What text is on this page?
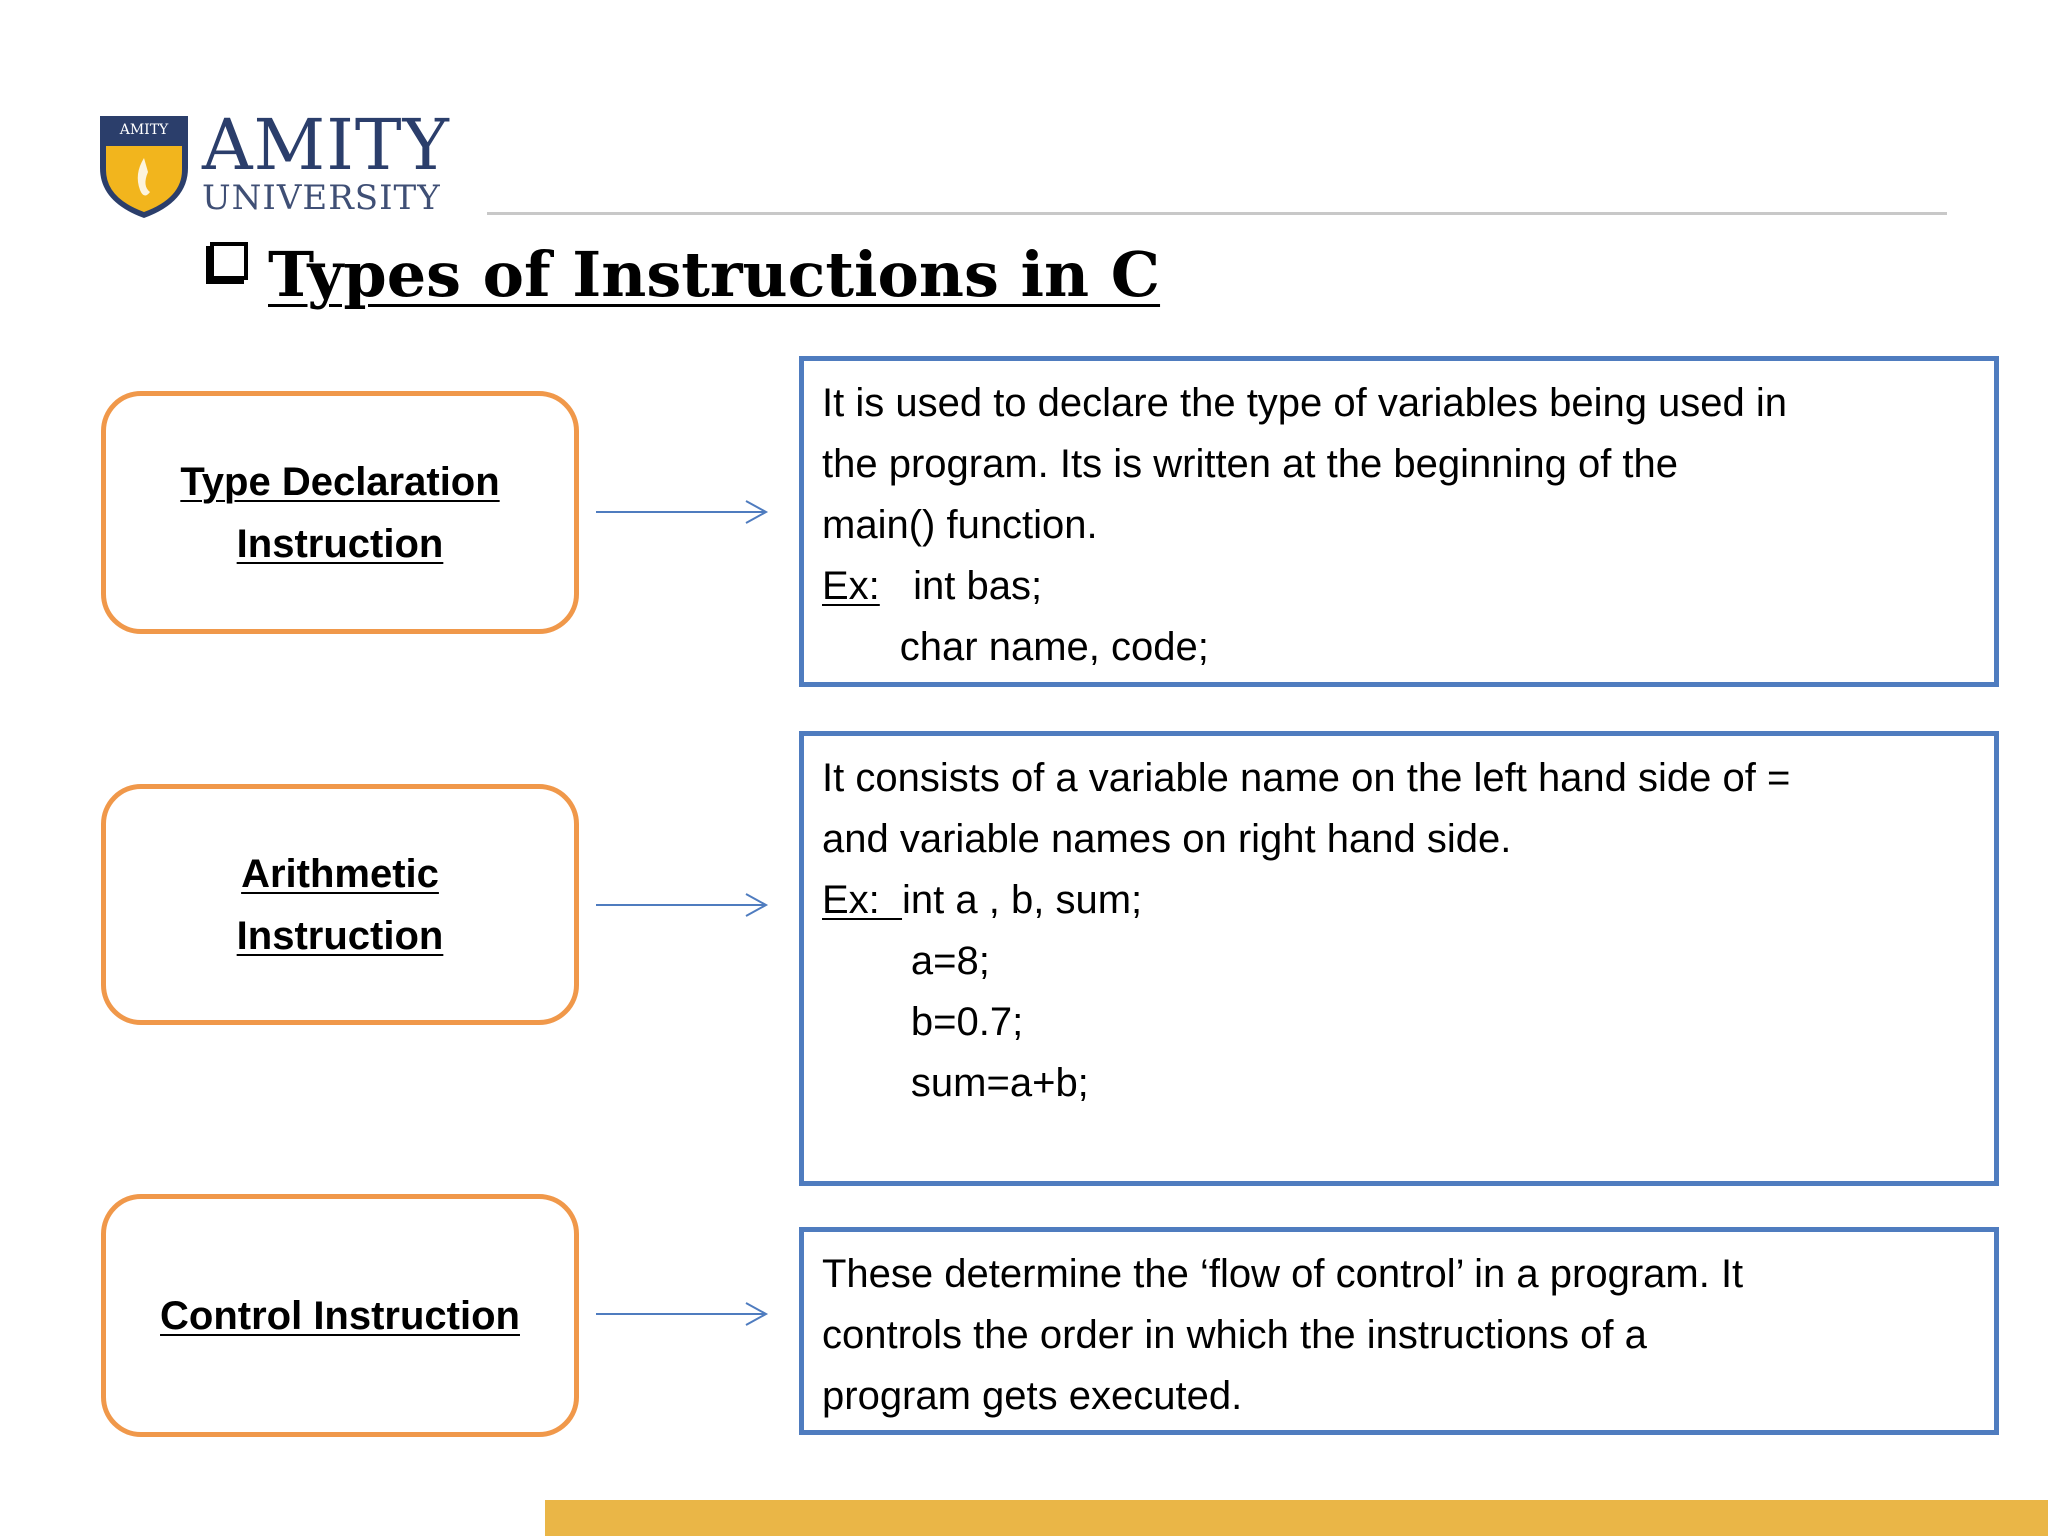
AMITY AMITY
UNIVERSITY
Types of Instructions in C
Type Declaration Instruction
It is used to declare the type of variables being used in
the program. Its is written at the beginning of the
main() function.
Ex:   int bas;
char name, code;
Arithmetic Instruction
It consists of a variable name on the left hand side of =
and variable names on right hand side.
Ex:  int a , b, sum;
a=8;
b=0.7;
sum=a+b;
Control Instruction
These determine the ‘flow of control’ in a program. It
controls the order in which the instructions of a
program gets executed.
